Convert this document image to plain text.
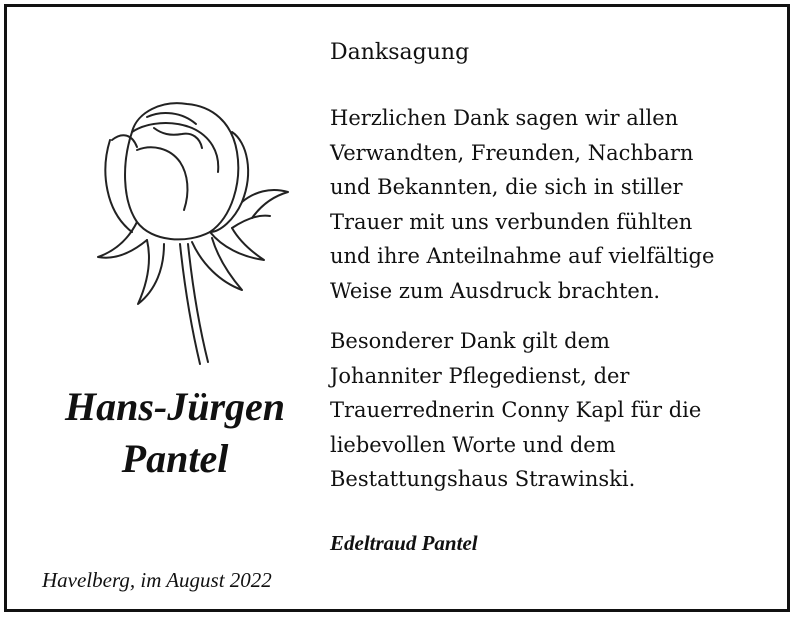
Hans-Jürgen
Pantel
Havelberg, im August 2022
Danksagung
Herzlichen Dank sagen wir allen
Verwandten, Freunden, Nachbarn
und Bekannten, die sich in stiller
Trauer mit uns verbunden fühlten
und ihre Anteilnahme auf vielfältige
Weise zum Ausdruck brachten.
Besonderer Dank gilt dem
Johanniter Pflegedienst, der
Trauerrednerin Conny Kapl für die
liebevollen Worte und dem
Bestattungshaus Strawinski.
Edeltraud Pantel
